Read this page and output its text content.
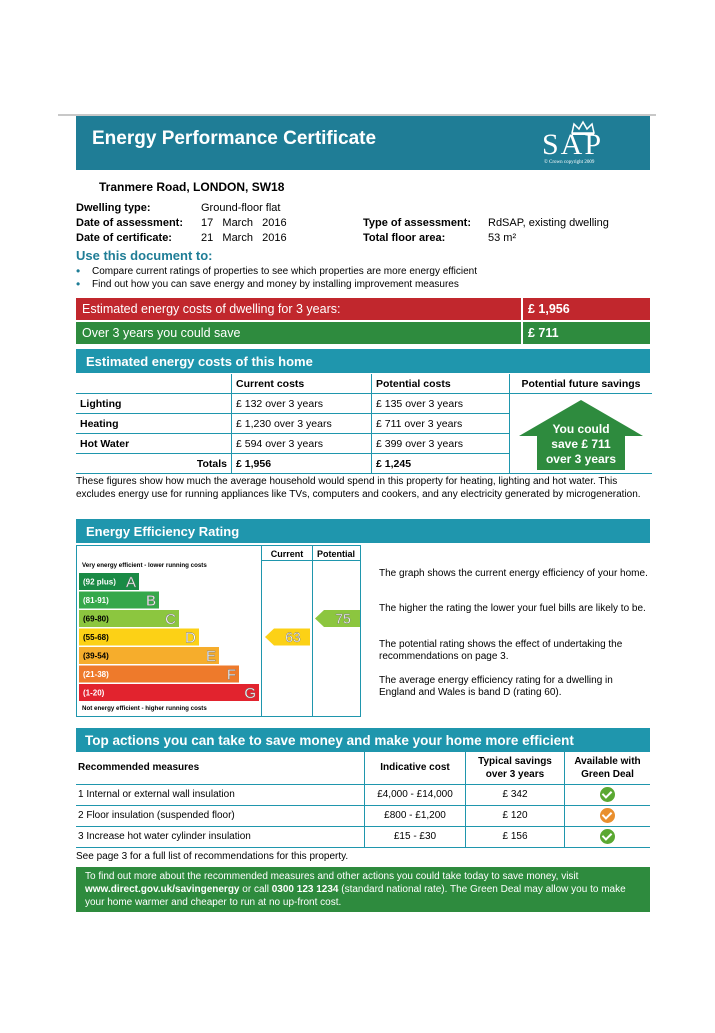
Energy Performance Certificate	SAP
© Crown copyright 2009
Tranmere Road, LONDON, SW18
Dwelling type:	Ground-floor flat
Date of assessment: 17   March   2016
Date of certificate:	21   March   2016
Type of assessment: RdSAP, existing dwelling
Total floor area:	53 m²
Use this document to:
• Compare current ratings of properties to see which properties are more energy efficient
• Find out how you can save energy and money by installing improvement measures
Estimated energy costs of dwelling for 3 years:	£ 1,956
Over 3 years you could save	£ 711
Estimated energy costs of this home
	Current costs	Potential costs	Potential future savings
Lighting	£ 132 over 3 years	£ 135 over 3 years	You could
save £ 711
over 3 years

Heating	£ 1,230 over 3 years	£ 711 over 3 years	
Hot Water	£ 594 over 3 years	£ 399 over 3 years	
Totals	£ 1,956	£ 1,245	
These figures show how much the average household would spend in this property for heating, lighting and hot water. This excludes energy use for running appliances like TVs, computers and cookers, and any electricity generated by microgeneration.
Energy Efficiency Rating
Current Potential
Very energy efficient - lower running costs
Not energy efficient - higher running costs
(92 plus) A
(81-91) B
(69-80)	C
(55-68)	D
(39-54)	E
(21-38)	F
(1-20)	G
63
75
The graph shows the current energy efficiency of your home.
The higher the rating the lower your fuel bills are likely to be.
The potential rating shows the effect of undertaking the recommendations on page 3.
The average energy efficiency rating for a dwelling in England and Wales is band D (rating 60).
Top actions you can take to save money and make your home more efficient
Recommended measures	Indicative cost	Typical savings over 3 years	Available with Green Deal
1 Internal or external wall insulation	£4,000 - £14,000	£ 342	
2 Floor insulation (suspended floor)	£800 - £1,200	£ 120	
3 Increase hot water cylinder insulation	£15 - £30	£ 156	
See page 3 for a full list of recommendations for this property.
To find out more about the recommended measures and other actions you could take today to save money, visit www.direct.gov.uk/savingenergy or call 0300 123 1234 (standard national rate). The Green Deal may allow you to make your home warmer and cheaper to run at no up-front cost.
